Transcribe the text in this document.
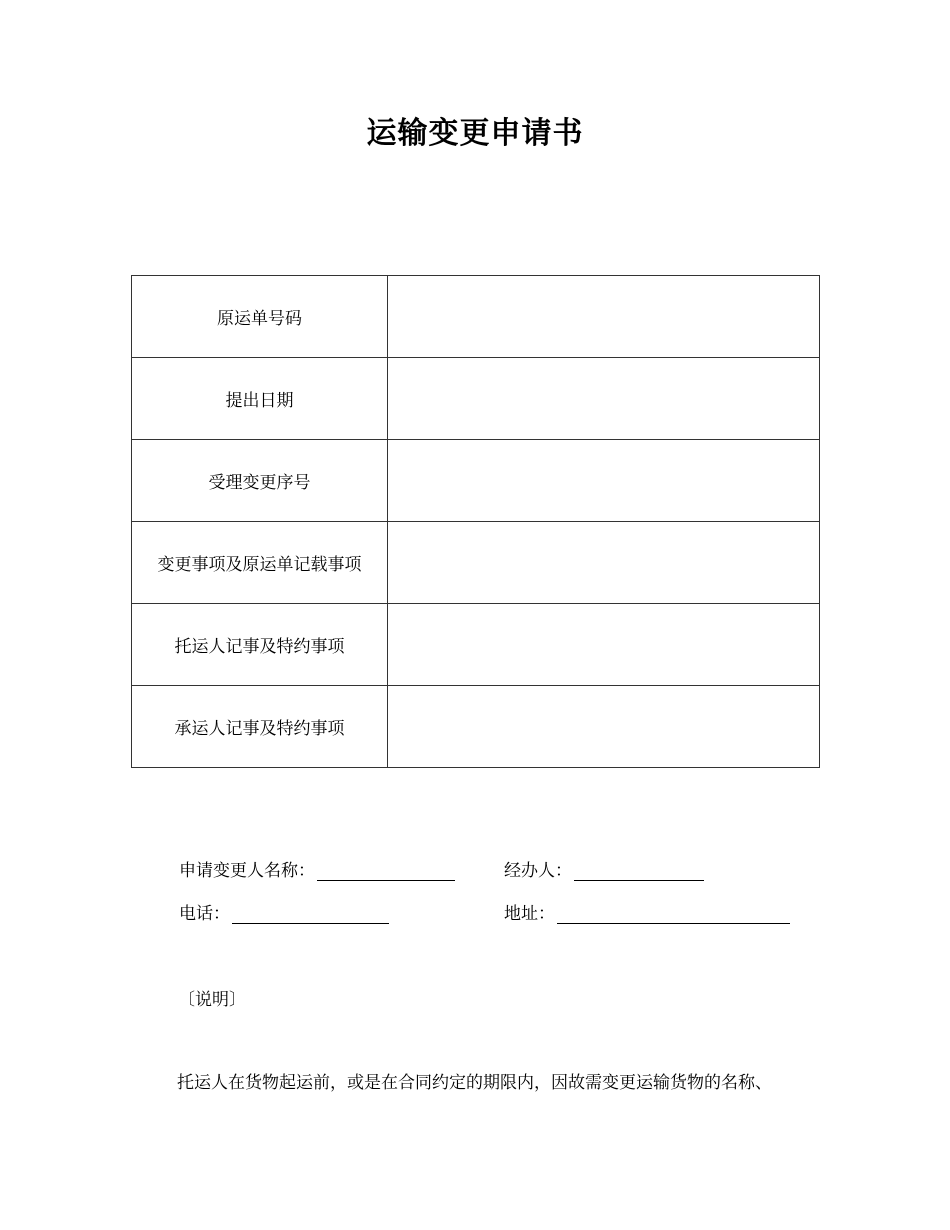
运输变更申请书
原运单号码	
提出日期	
受理变更序号	
变更事项及原运单记载事项	
托运人记事及特约事项	
承运人记事及特约事项	
申请变更人名称：	经办人：
电话：	地址：
〔说明〕
托运人在货物起运前，或是在合同约定的期限内，因故需变更运输货物的名称、
